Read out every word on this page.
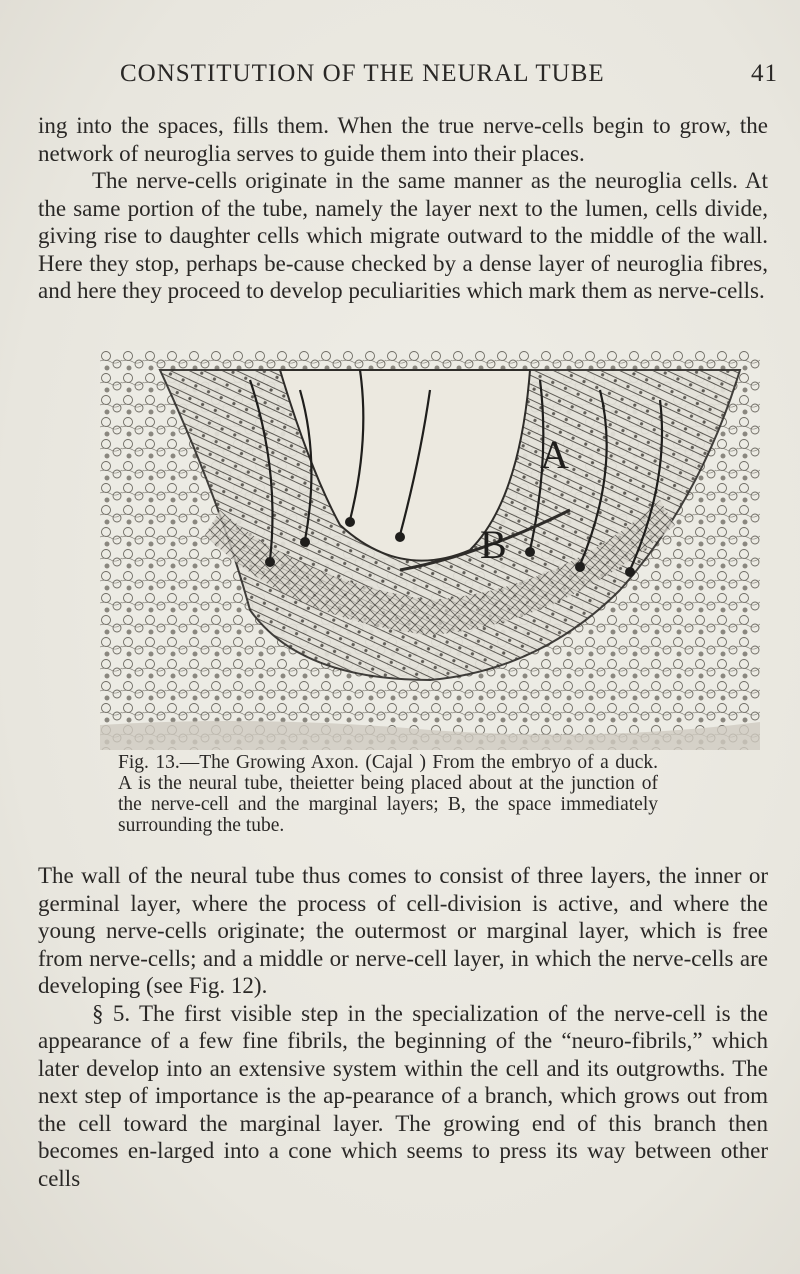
CONSTITUTION OF THE NEURAL TUBE	41

ing into the spaces, fills them. When the true nerve-cells begin to grow, the network of neuroglia serves to guide them into their places.

The nerve-cells originate in the same manner as the neuroglia cells. At the same portion of the tube, namely the layer next to the lumen, cells divide, giving rise to daughter cells which migrate outward to the middle of the wall. Here they stop, perhaps be-cause checked by a dense layer of neuroglia fibres, and here they proceed to develop peculiarities which mark them as nerve-cells.

A
B
Fig. 13.—The Growing Axon. (Cajal ) From the embryo of a duck. A is the neural tube, theietter being placed about at the junction of the nerve-cell and the marginal layers; B, the space immediately surrounding the tube.

The wall of the neural tube thus comes to consist of three layers, the inner or germinal layer, where the process of cell-division is active, and where the young nerve-cells originate; the outermost or marginal layer, which is free from nerve-cells; and a middle or nerve-cell layer, in which the nerve-cells are developing (see Fig. 12).

§ 5. The first visible step in the specialization of the nerve-cell is the appearance of a few fine fibrils, the beginning of the “neuro-fibrils,” which later develop into an extensive system within the cell and its outgrowths. The next step of importance is the ap-pearance of a branch, which grows out from the cell toward the marginal layer. The growing end of this branch then becomes en-larged into a cone which seems to press its way between other cells
